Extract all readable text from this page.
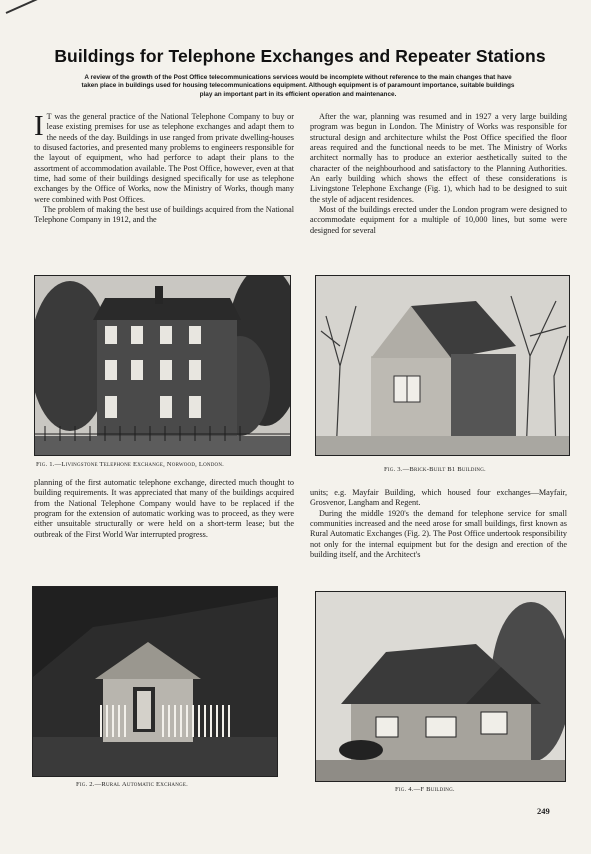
Buildings for Telephone Exchanges and Repeater Stations

A review of the growth of the Post Office telecommunications services would be incomplete without reference to the main changes that have taken place in buildings used for housing telecommunications equipment. Although equipment is of paramount importance, suitable buildings play an important part in its efficient operation and maintenance.

I T was the general practice of the National Telephone Company to buy or lease existing premises for use as telephone exchanges and adapt them to the needs of the day. Buildings in use ranged from private dwelling-houses to disused factories, and presented many problems to engineers responsible for the layout of equipment, who had perforce to adapt their plans to the assortment of accommodation available. The Post Office, however, even at that time, had some of their buildings designed specifically for use as telephone exchanges by the Office of Works, now the Ministry of Works, though many were combined with Post Offices.

The problem of making the best use of buildings acquired from the National Telephone Company in 1912, and the

After the war, planning was resumed and in 1927 a very large building program was begun in London. The Ministry of Works was responsible for structural design and architecture whilst the Post Office specified the floor areas required and the functional needs to be met. The Ministry of Works architect normally has to produce an exterior aesthetically suited to the character of the neighbourhood and satisfactory to the Planning Authorities. An early building which shows the effect of these considerations is Livingstone Telephone Exchange (Fig. 1), which had to be designed to suit the style of adjacent residences.

Most of the buildings erected under the London program were designed to accommodate equipment for a multiple of 10,000 lines, but some were designed for several

Fig. 1.—Livingstone Telephone Exchange, Norwood, London.

Fig. 3.—Brick-Built B1 Building.

planning of the first automatic telephone exchange, directed much thought to building requirements. It was appreciated that many of the buildings acquired from the National Telephone Company would have to be replaced if the program for the extension of automatic working was to proceed, as they were either unsuitable structurally or were held on a short-term lease; but the outbreak of the First World War interrupted progress.

units; e.g. Mayfair Building, which housed four exchanges—Mayfair, Grosvenor, Langham and Regent.

During the middle 1920's the demand for telephone service for small communities increased and the need arose for small buildings, first known as Rural Automatic Exchanges (Fig. 2). The Post Office undertook responsibility not only for the internal equipment but for the design and erection of the building itself, and the Architect's

Fig. 2.—Rural Automatic Exchange.

Fig. 4.—F Building.

249
